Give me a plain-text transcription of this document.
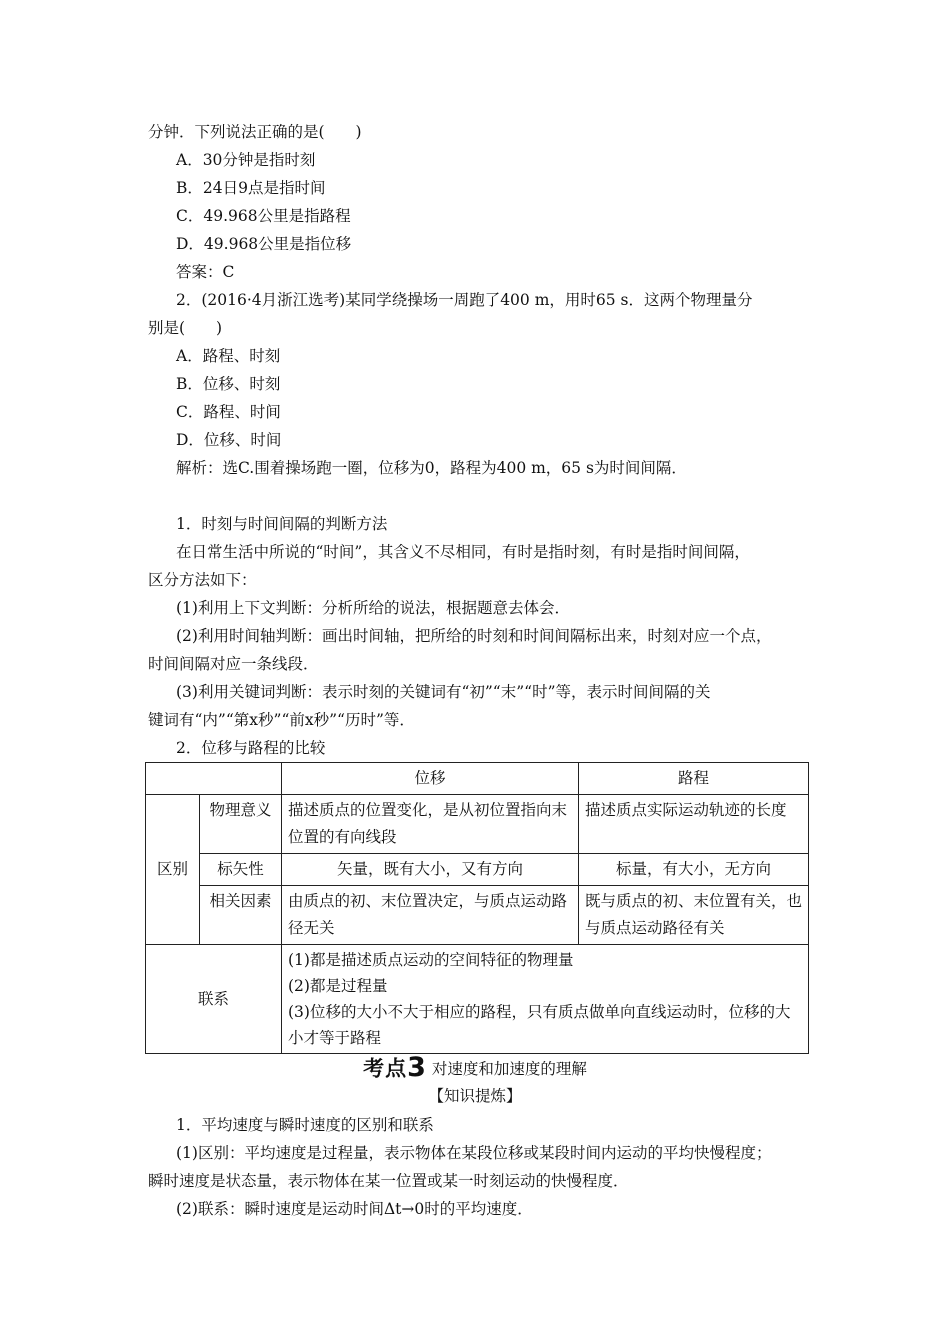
分钟．下列说法正确的是(　　)
A．30分钟是指时刻
B．24日9点是指时间
C．49.968公里是指路程
D．49.968公里是指位移
答案：C
2．(2016·4月浙江选考)某同学绕操场一周跑了400 m，用时65 s．这两个物理量分
别是(　　)
A．路程、时刻
B．位移、时刻
C．路程、时间
D．位移、时间
解析：选C.围着操场跑一圈，位移为0，路程为400 m，65 s为时间间隔．
1．时刻与时间间隔的判断方法
在日常生活中所说的“时间”，其含义不尽相同，有时是指时刻，有时是指时间间隔，
区分方法如下：
(1)利用上下文判断：分析所给的说法，根据题意去体会．
(2)利用时间轴判断：画出时间轴，把所给的时刻和时间间隔标出来，时刻对应一个点，
时间间隔对应一条线段．
(3)利用关键词判断：表示时刻的关键词有“初”“末”“时”等，表示时间间隔的关
键词有“内”“第x秒”“前x秒”“历时”等．
2．位移与路程的比较
		位移	路程
区别	物理意义	描述质点的位置变化，是从初位置指向末位置的有向线段	描述质点实际运动轨迹的长度
	标矢性	矢量，既有大小，又有方向	标量，有大小，无方向
	相关因素	由质点的初、末位置决定，与质点运动路径无关	既与质点的初、末位置有关，也与质点运动路径有关
联系		(1)都是描述质点运动的空间特征的物理量
(2)都是过程量
(3)位移的大小不大于相应的路程，只有质点做单向直线运动时，位移的大小才等于路程	
考点3 对速度和加速度的理解
【知识提炼】
1．平均速度与瞬时速度的区别和联系
(1)区别：平均速度是过程量，表示物体在某段位移或某段时间内运动的平均快慢程度；
瞬时速度是状态量，表示物体在某一位置或某一时刻运动的快慢程度．
(2)联系：瞬时速度是运动时间Δt→0时的平均速度．
